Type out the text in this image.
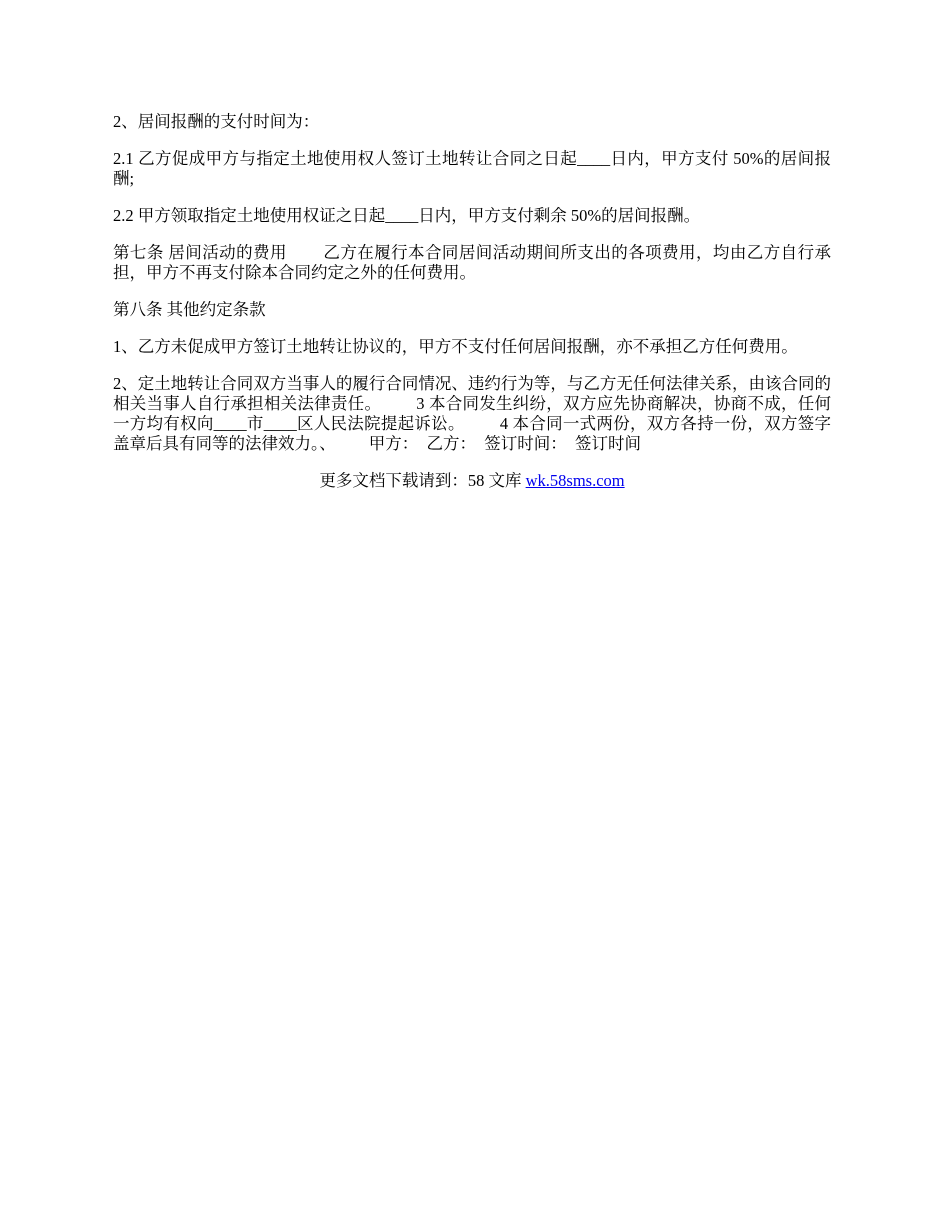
2、居间报酬的支付时间为：

2.1 乙方促成甲方与指定土地使用权人签订土地转让合同之日起____日内，甲方支付 50%的居间报酬;

2.2 甲方领取指定土地使用权证之日起____日内，甲方支付剩余 50%的居间报酬。

第七条 居间活动的费用        乙方在履行本合同居间活动期间所支出的各项费用，均由乙方自行承担，甲方不再支付除本合同约定之外的任何费用。

第八条 其他约定条款

1、乙方未促成甲方签订土地转让协议的，甲方不支付任何居间报酬，亦不承担乙方任何费用。

2、定土地转让合同双方当事人的履行合同情况、违约行为等，与乙方无任何法律关系，由该合同的相关当事人自行承担相关法律责任。        3 本合同发生纠纷，双方应先协商解决，协商不成，任何一方均有权向____市____区人民法院提起诉讼。        4 本合同一式两份，双方各持一份，双方签字盖章后具有同等的法律效力。、        甲方：  乙方：  签订时间：  签订时间

更多文档下载请到：58 文库 wk.58sms.com
